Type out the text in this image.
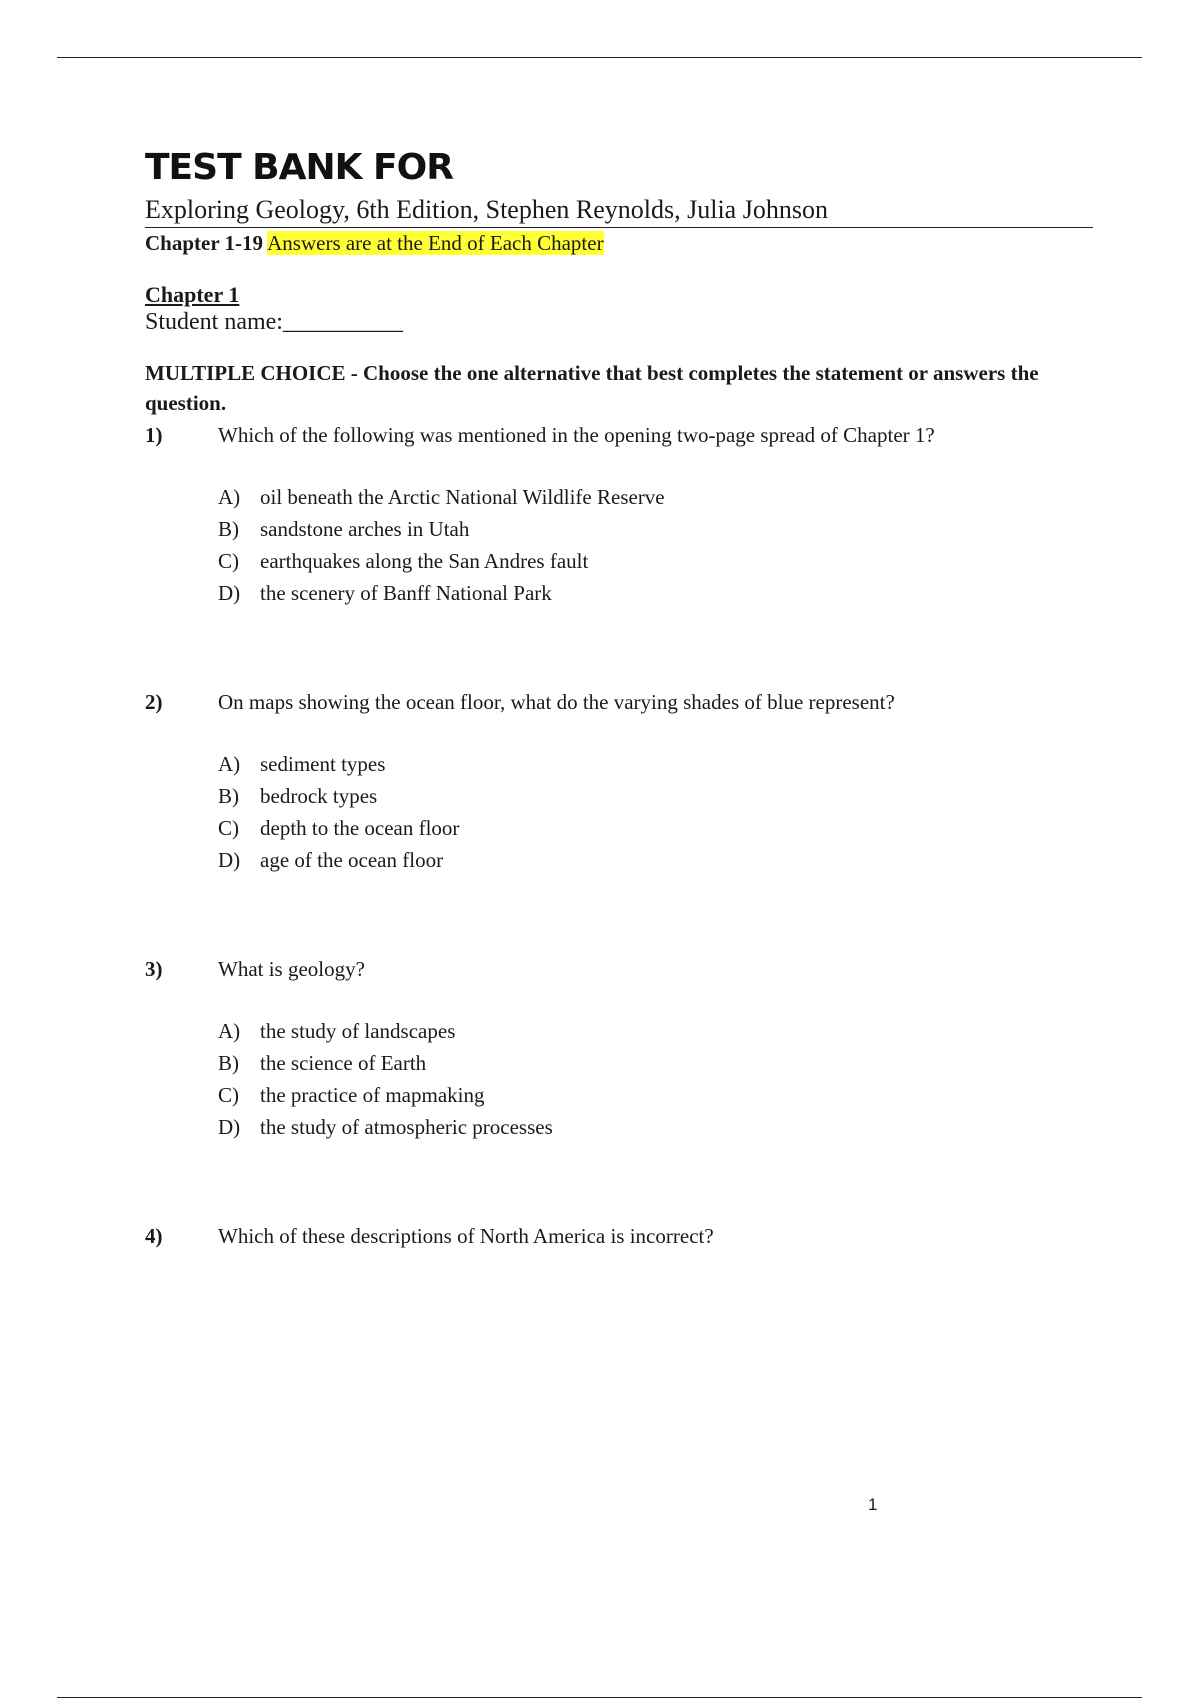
TEST BANK FOR
Exploring Geology, 6th Edition, Stephen Reynolds, Julia Johnson
Chapter 1-19 Answers are at the End of Each Chapter
Chapter 1
Student name:__________
MULTIPLE CHOICE - Choose the one alternative that best completes the statement or answers the question.
1)	Which of the following was mentioned in the opening two-page spread of Chapter 1?
A) oil beneath the Arctic National Wildlife Reserve
B)	sandstone arches in Utah
C)	earthquakes along the San Andres fault
D) the scenery of Banff National Park
2)	On maps showing the ocean floor, what do the varying shades of blue represent?
A) sediment types
B)	bedrock types
C)	depth to the ocean floor
D) age of the ocean floor
3)	What is geology?
A) the study of landscapes
B)	the science of Earth
C)	the practice of mapmaking
D) the study of atmospheric processes
4)	Which of these descriptions of North America is incorrect?
1
